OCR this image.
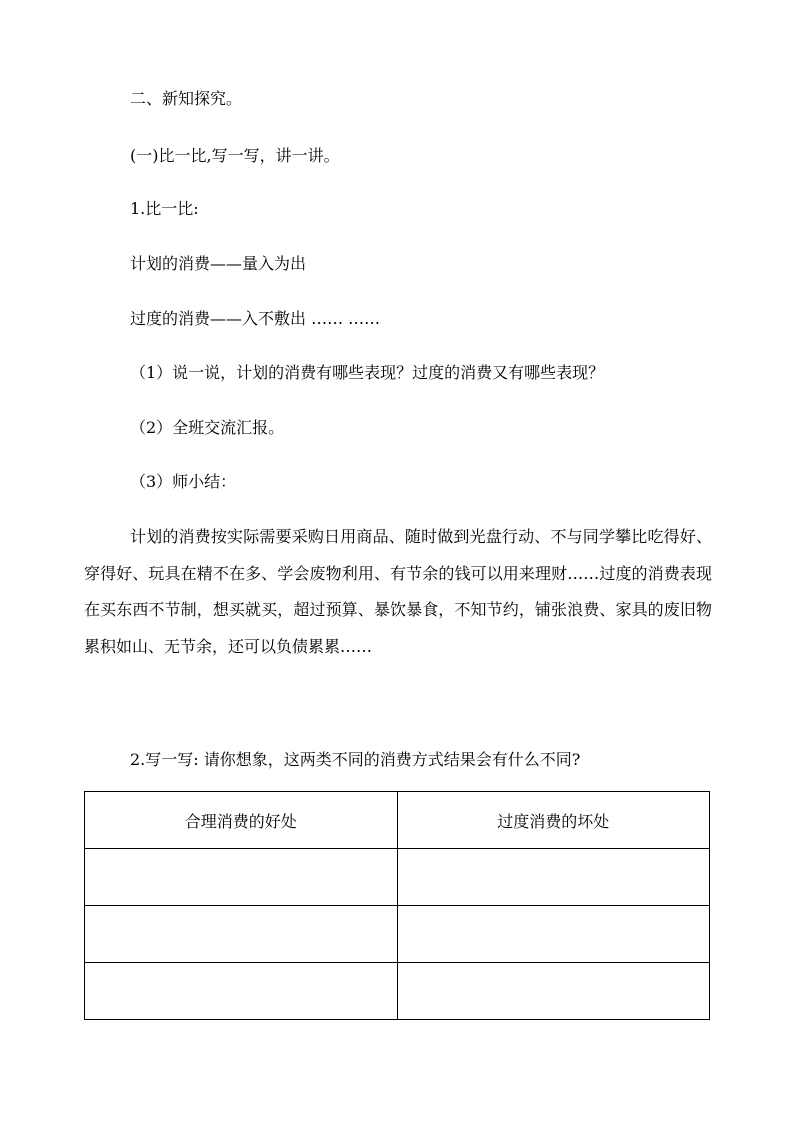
二、新知探究。
(一)比一比,写一写，讲一讲。
1.比一比:
计划的消费——量入为出
过度的消费——入不敷出 …… ……
（1）说一说，计划的消费有哪些表现？过度的消费又有哪些表现？
（2）全班交流汇报。
（3）师小结：
计划的消费按实际需要采购日用商品、随时做到光盘行动、不与同学攀比吃得好、穿得好、玩具在精不在多、学会废物利用、有节余的钱可以用来理财……过度的消费表现在买东西不节制，想买就买，超过预算、暴饮暴食，不知节约，铺张浪费、家具的废旧物累积如山、无节余，还可以负债累累……
2.写一写: 请你想象，这两类不同的消费方式结果会有什么不同?
合理消费的好处	过度消费的坏处
